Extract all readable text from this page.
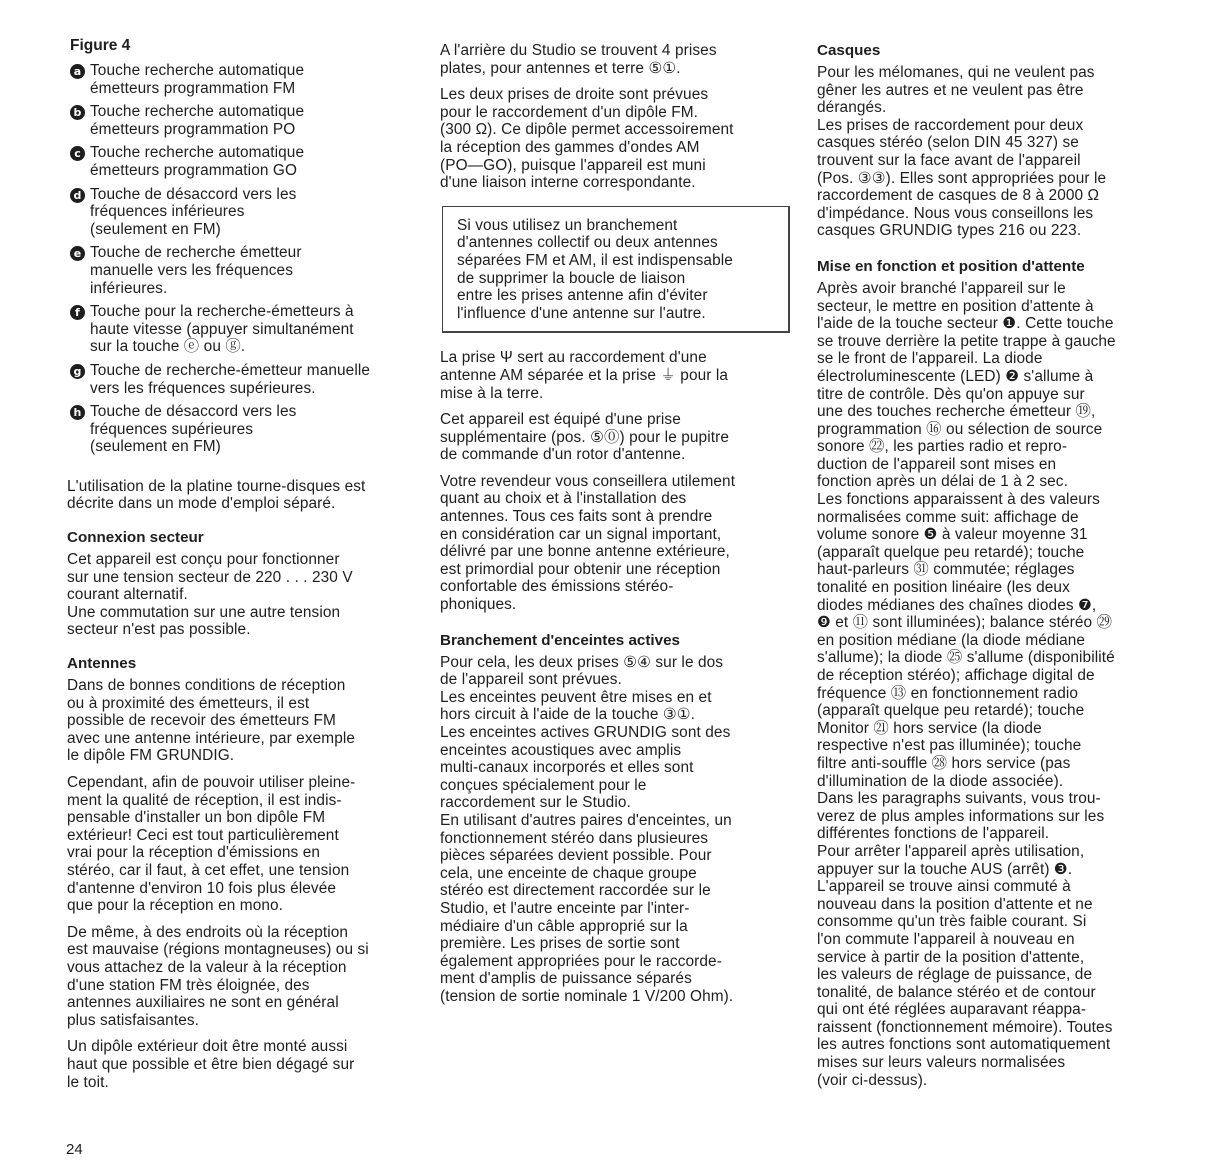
Figure 4
a Touche recherche automatique
émetteurs programmation FM
b Touche recherche automatique
émetteurs programmation PO
c Touche recherche automatique
émetteurs programmation GO
d Touche de désaccord vers les
fréquences inférieures
(seulement en FM)
e Touche de recherche émetteur
manuelle vers les fréquences
inférieures.
f Touche pour la recherche-émetteurs à
haute vitesse (appuyer simultanément
sur la touche ⓔ ou ⓖ.
g Touche de recherche-émetteur manuelle
vers les fréquences supérieures.
h Touche de désaccord vers les
fréquences supérieures
(seulement en FM)

L'utilisation de la platine tourne-disques est
décrite dans un mode d'emploi séparé.

Connexion secteur

Cet appareil est conçu pour fonctionner
sur une tension secteur de 220 . . . 230 V
courant alternatif.
Une commutation sur une autre tension
secteur n'est pas possible.

Antennes

Dans de bonnes conditions de réception
ou à proximité des émetteurs, il est
possible de recevoir des émetteurs FM
avec une antenne intérieure, par exemple
le dipôle FM GRUNDIG.

Cependant, afin de pouvoir utiliser pleine-
ment la qualité de réception, il est indis-
pensable d'installer un bon dipôle FM
extérieur! Ceci est tout particulièrement
vrai pour la réception d'émissions en
stéréo, car il faut, à cet effet, une tension
d'antenne d'environ 10 fois plus élevée
que pour la réception en mono.

De même, à des endroits où la réception
est mauvaise (régions montagneuses) ou si
vous attachez de la valeur à la réception
d'une station FM très éloignée, des
antennes auxiliaires ne sont en général
plus satisfaisantes.

Un dipôle extérieur doit être monté aussi
haut que possible et être bien dégagé sur
le toit.

A l'arrière du Studio se trouvent 4 prises
plates, pour antennes et terre ⑤①.

Les deux prises de droite sont prévues
pour le raccordement d'un dipôle FM.
(300 Ω). Ce dipôle permet accessoirement
la réception des gammes d'ondes AM
(PO—GO), puisque l'appareil est muni
d'une liaison interne correspondante.

Si vous utilisez un branchement
d'antennes collectif ou deux antennes
séparées FM et AM, il est indispensable
de supprimer la boucle de liaison
entre les prises antenne afin d'éviter
l'influence d'une antenne sur l'autre.

La prise Ψ sert au raccordement d'une
antenne AM séparée et la prise ⏚ pour la
mise à la terre.

Cet appareil est équipé d'une prise
supplémentaire (pos. ⑤⓪) pour le pupitre
de commande d'un rotor d'antenne.

Votre revendeur vous conseillera utilement
quant au choix et à l'installation des
antennes. Tous ces faits sont à prendre
en considération car un signal important,
délivré par une bonne antenne extérieure,
est primordial pour obtenir une réception
confortable des émissions stéréo-
phoniques.

Branchement d'enceintes actives

Pour cela, les deux prises ⑤④ sur le dos
de l'appareil sont prévues.
Les enceintes peuvent être mises en et
hors circuit à l'aide de la touche ③①.
Les enceintes actives GRUNDIG sont des
enceintes acoustiques avec amplis
multi-canaux incorporés et elles sont
conçues spécialement pour le
raccordement sur le Studio.
En utilisant d'autres paires d'enceintes, un
fonctionnement stéréo dans plusieures
pièces séparées devient possible. Pour
cela, une enceinte de chaque groupe
stéréo est directement raccordée sur le
Studio, et l'autre enceinte par l'inter-
médiaire d'un câble approprié sur la
première. Les prises de sortie sont
également appropriées pour le raccorde-
ment d'amplis de puissance séparés
(tension de sortie nominale 1 V/200 Ohm).

Casques

Pour les mélomanes, qui ne veulent pas
gêner les autres et ne veulent pas être
dérangés.
Les prises de raccordement pour deux
casques stéréo (selon DIN 45 327) se
trouvent sur la face avant de l'appareil
(Pos. ③③). Elles sont appropriées pour le
raccordement de casques de 8 à 2000 Ω
d'impédance. Nous vous conseillons les
casques GRUNDIG types 216 ou 223.

Mise en fonction et position d'attente

Après avoir branché l'appareil sur le
secteur, le mettre en position d'attente à
l'aide de la touche secteur ❶. Cette touche
se trouve derrière la petite trappe à gauche
se le front de l'appareil. La diode
électroluminescente (LED) ❷ s'allume à
titre de contrôle. Dès qu'on appuye sur
une des touches recherche émetteur ⑲,
programmation ⑯ ou sélection de source
sonore ㉒, les parties radio et repro-
duction de l'appareil sont mises en
fonction après un délai de 1 à 2 sec.
Les fonctions apparaissent à des valeurs
normalisées comme suit: affichage de
volume sonore ❺ à valeur moyenne 31
(apparaît quelque peu retardé); touche
haut-parleurs ㉛ commutée; réglages
tonalité en position linéaire (les deux
diodes médianes des chaînes diodes ❼,
❾ et ⑪ sont illuminées); balance stéréo ㉙
en position médiane (la diode médiane
s'allume); la diode ㉕ s'allume (disponibilité
de réception stéréo); affichage digital de
fréquence ⑬ en fonctionnement radio
(apparaît quelque peu retardé); touche
Monitor ㉑ hors service (la diode
respective n'est pas illuminée); touche
filtre anti-souffle ㉘ hors service (pas
d'illumination de la diode associée).
Dans les paragraphs suivants, vous trou-
verez de plus amples informations sur les
différentes fonctions de l'appareil.
Pour arrêter l'appareil après utilisation,
appuyer sur la touche AUS (arrêt) ❸.
L'appareil se trouve ainsi commuté à
nouveau dans la position d'attente et ne
consomme qu'un très faible courant. Si
l'on commute l'appareil à nouveau en
service à partir de la position d'attente,
les valeurs de réglage de puissance, de
tonalité, de balance stéréo et de contour
qui ont été réglées auparavant réappa-
raissent (fonctionnement mémoire). Toutes
les autres fonctions sont automatiquement
mises sur leurs valeurs normalisées
(voir ci-dessus).

24
